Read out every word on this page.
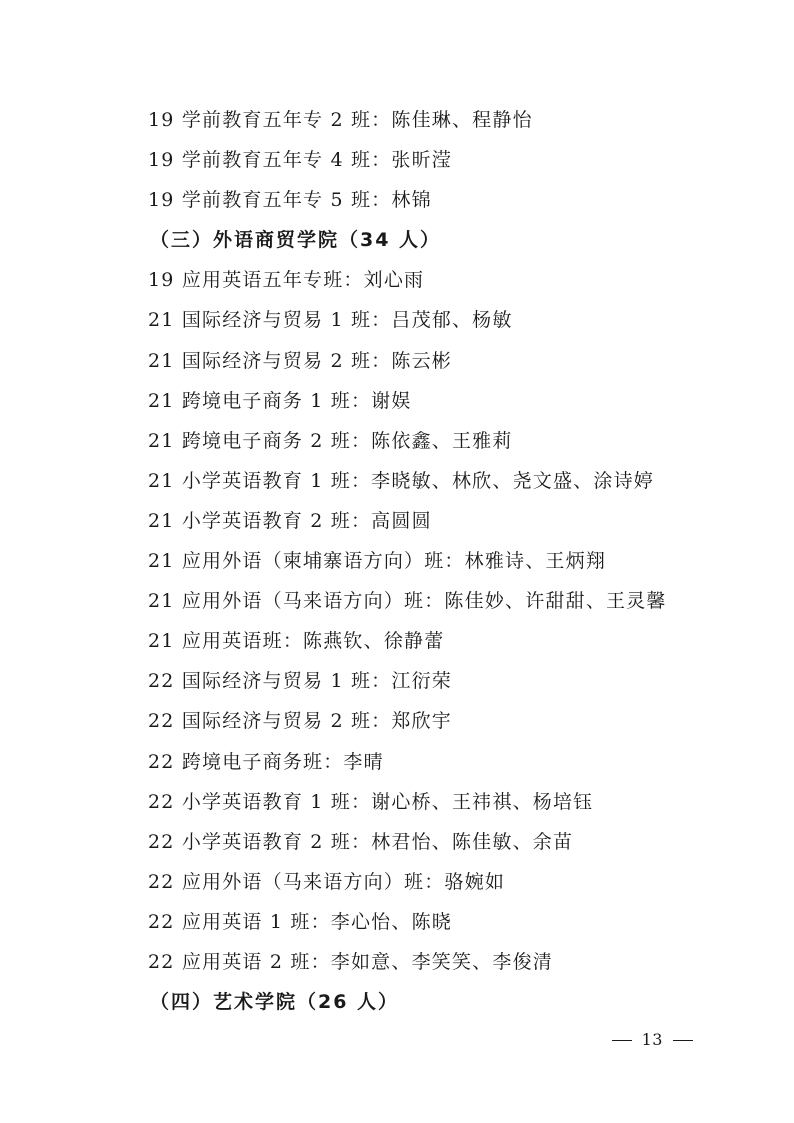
19 学前教育五年专 2 班：陈佳琳、程静怡
19 学前教育五年专 4 班：张昕滢
19 学前教育五年专 5 班：林锦
（三）外语商贸学院（34 人）
19 应用英语五年专班：刘心雨
21 国际经济与贸易 1 班：吕茂郁、杨敏
21 国际经济与贸易 2 班：陈云彬
21 跨境电子商务 1 班：谢娱
21 跨境电子商务 2 班：陈依鑫、王雅莉
21 小学英语教育 1 班：李晓敏、林欣、尧文盛、涂诗婷
21 小学英语教育 2 班：高圆圆
21 应用外语（柬埔寨语方向）班：林雅诗、王炳翔
21 应用外语（马来语方向）班：陈佳妙、许甜甜、王灵馨
21 应用英语班：陈燕钦、徐静蕾
22 国际经济与贸易 1 班：江衍荣
22 国际经济与贸易 2 班：郑欣宇
22 跨境电子商务班：李晴
22 小学英语教育 1 班：谢心桥、王祎祺、杨培钰
22 小学英语教育 2 班：林君怡、陈佳敏、余苗
22 应用外语（马来语方向）班：骆婉如
22 应用英语 1 班：李心怡、陈晓
22 应用英语 2 班：李如意、李笑笑、李俊清
（四）艺术学院（26 人）
13
